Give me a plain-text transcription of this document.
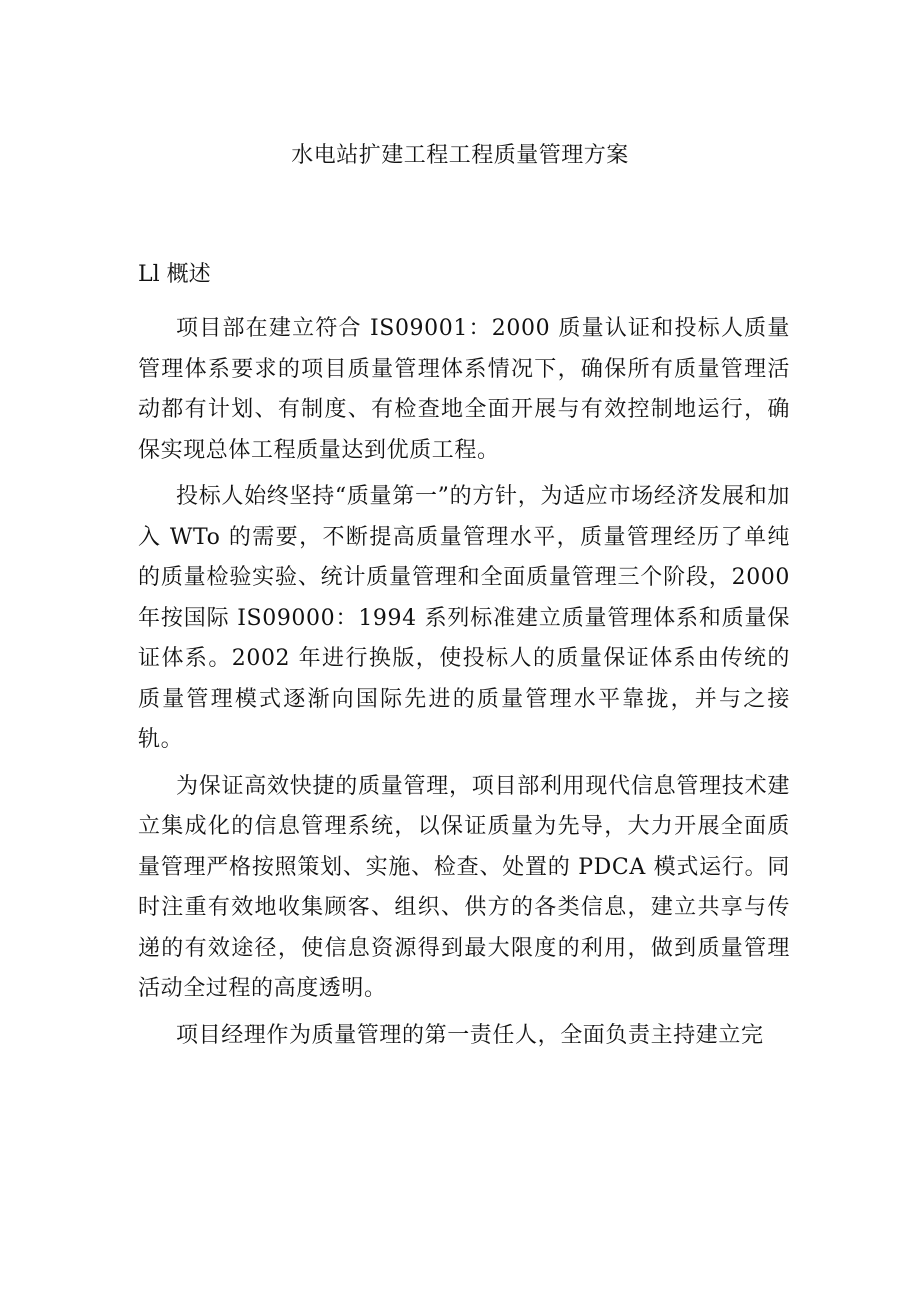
水电站扩建工程工程质量管理方案
Ll 概述

项目部在建立符合 IS09001：2000 质量认证和投标人质量管理体系要求的项目质量管理体系情况下，确保所有质量管理活动都有计划、有制度、有检查地全面开展与有效控制地运行，确保实现总体工程质量达到优质工程。

投标人始终坚持“质量第一”的方针，为适应市场经济发展和加入 WTo 的需要，不断提高质量管理水平，质量管理经历了单纯的质量检验实验、统计质量管理和全面质量管理三个阶段，2000 年按国际 IS09000：1994 系列标准建立质量管理体系和质量保证体系。2002 年进行换版，使投标人的质量保证体系由传统的质量管理模式逐渐向国际先进的质量管理水平靠拢，并与之接轨。

为保证高效快捷的质量管理，项目部利用现代信息管理技术建立集成化的信息管理系统，以保证质量为先导，大力开展全面质量管理严格按照策划、实施、检查、处置的 PDCA 模式运行。同时注重有效地收集顾客、组织、供方的各类信息，建立共享与传递的有效途径，使信息资源得到最大限度的利用，做到质量管理活动全过程的高度透明。

项目经理作为质量管理的第一责任人，全面负责主持建立完
